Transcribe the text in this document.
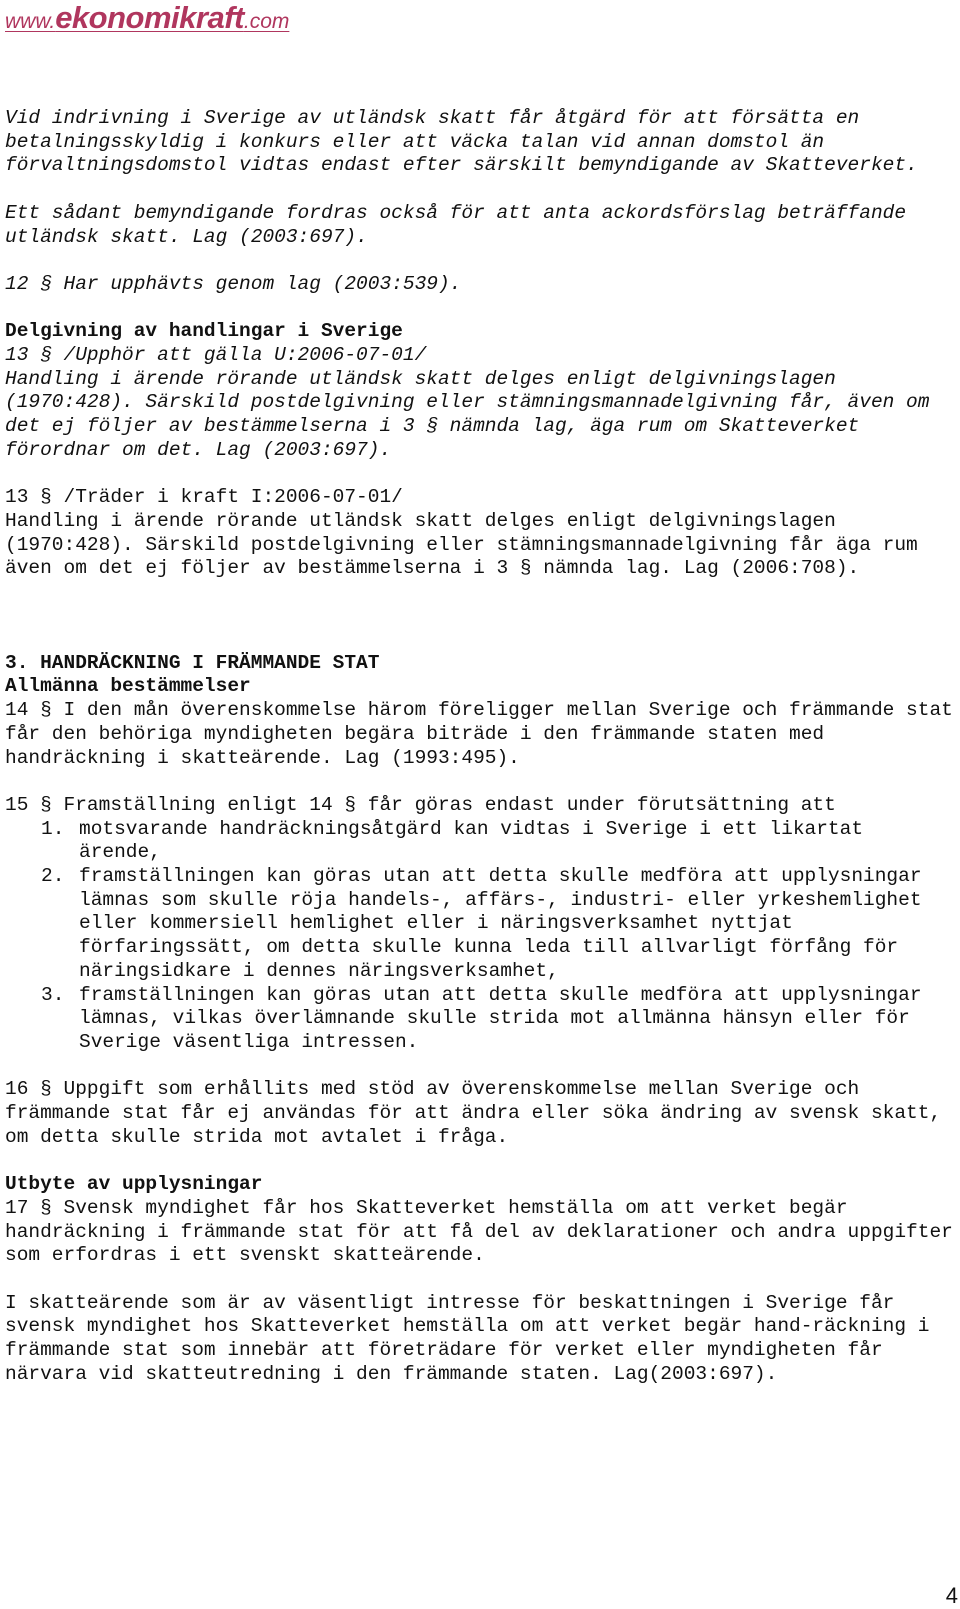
www.ekonomikraft.com

Vid indrivning i Sverige av utländsk skatt får åtgärd för att försätta en betalningsskyldig i konkurs eller att väcka talan vid annan domstol än förvaltningsdomstol vidtas endast efter särskilt bemyndigande av Skatteverket.

Ett sådant bemyndigande fordras också för att anta ackordsförslag beträffande utländsk skatt. Lag (2003:697).

12 § Har upphävts genom lag (2003:539).

Delgivning av handlingar i Sverige

13 § /Upphör att gälla U:2006-07-01/

Handling i ärende rörande utländsk skatt delges enligt delgivningslagen (1970:428). Särskild postdelgivning eller stämningsmannadelgivning får, även om det ej följer av bestämmelserna i 3 § nämnda lag, äga rum om Skatteverket förordnar om det. Lag (2003:697).

13 § /Träder i kraft I:2006-07-01/

Handling i ärende rörande utländsk skatt delges enligt delgivningslagen (1970:428). Särskild postdelgivning eller stämningsmannadelgivning får äga rum även om det ej följer av bestämmelserna i 3 § nämnda lag. Lag (2006:708).

3. HANDRÄCKNING I FRÄMMANDE STAT

Allmänna bestämmelser

14 § I den mån överenskommelse härom föreligger mellan Sverige och främmande stat får den behöriga myndigheten begära biträde i den främmande staten med handräckning i skatteärende. Lag (1993:495).

15 § Framställning enligt 14 § får göras endast under förutsättning att

1. motsvarande handräckningsåtgärd kan vidtas i Sverige i ett likartat ärende,
2. framställningen kan göras utan att detta skulle medföra att upplysningar lämnas som skulle röja handels-, affärs-, industri- eller yrkeshemlighet eller kommersiell hemlighet eller i näringsverksamhet nyttjat förfaringssätt, om detta skulle kunna leda till allvarligt förfång för näringsidkare i dennes näringsverksamhet,
3. framställningen kan göras utan att detta skulle medföra att upplysningar lämnas, vilkas överlämnande skulle strida mot allmänna hänsyn eller för Sverige väsentliga intressen.

16 § Uppgift som erhållits med stöd av överenskommelse mellan Sverige och främmande stat får ej användas för att ändra eller söka ändring av svensk skatt, om detta skulle strida mot avtalet i fråga.

Utbyte av upplysningar

17 § Svensk myndighet får hos Skatteverket hemställa om att verket begär handräckning i främmande stat för att få del av deklarationer och andra uppgifter som erfordras i ett svenskt skatteärende.

I skatteärende som är av väsentligt intresse för beskattningen i Sverige får svensk myndighet hos Skatteverket hemställa om att verket begär hand-räckning i främmande stat som innebär att företrädare för verket eller myndigheten får närvara vid skatteutredning i den främmande staten. Lag(2003:697).

4
